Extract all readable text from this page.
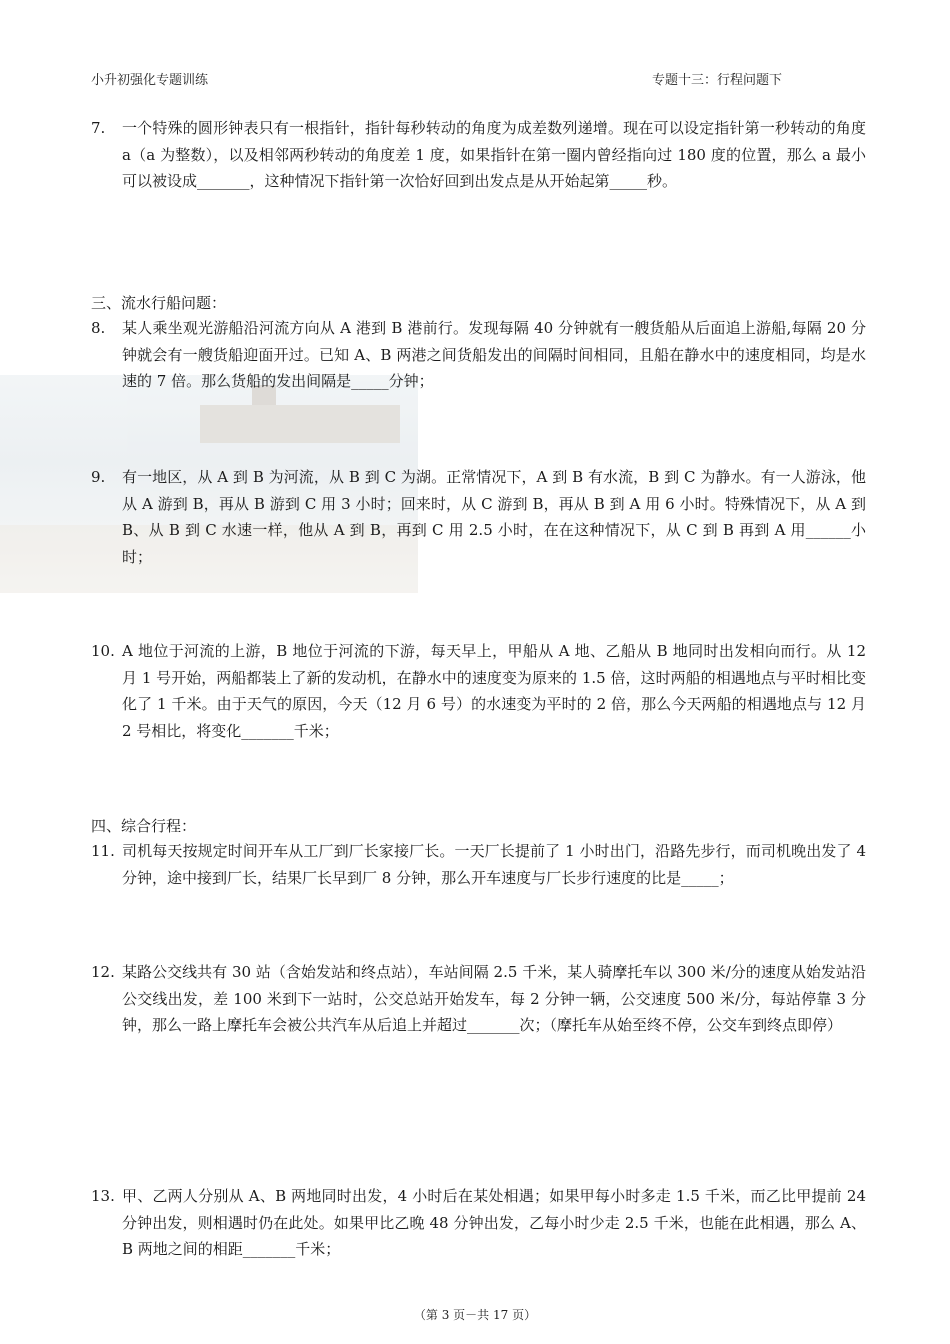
小升初强化专题训练	专题十三：行程问题下
7. 一个特殊的圆形钟表只有一根指针，指针每秒转动的角度为成差数列递增。现在可以设定指针第一秒转动的角度 a（a 为整数），以及相邻两秒转动的角度差 1 度，如果指针在第一圈内曾经指向过 180 度的位置，那么 a 最小可以被设成_______，这种情况下指针第一次恰好回到出发点是从开始起第_____秒。
三、流水行船问题：
8. 某人乘坐观光游船沿河流方向从 A 港到 B 港前行。发现每隔 40 分钟就有一艘货船从后面追上游船,每隔 20 分钟就会有一艘货船迎面开过。已知 A、B 两港之间货船发出的间隔时间相同，且船在静水中的速度相同，均是水速的 7 倍。那么货船的发出间隔是_____分钟；
9. 有一地区，从 A 到 B 为河流，从 B 到 C 为湖。正常情况下，A 到 B 有水流，B 到 C 为静水。有一人游泳，他从 A 游到 B，再从 B 游到 C 用 3 小时；回来时，从 C 游到 B，再从 B 到 A 用 6 小时。特殊情况下，从 A 到 B、从 B 到 C 水速一样，他从 A 到 B，再到 C 用 2.5 小时，在在这种情况下，从 C 到 B 再到 A 用______小时；
10. A 地位于河流的上游，B 地位于河流的下游，每天早上，甲船从 A 地、乙船从 B 地同时出发相向而行。从 12 月 1 号开始，两船都装上了新的发动机，在静水中的速度变为原来的 1.5 倍，这时两船的相遇地点与平时相比变化了 1 千米。由于天气的原因，今天（12 月 6 号）的水速变为平时的 2 倍，那么今天两船的相遇地点与 12 月 2 号相比，将变化_______千米；
四、综合行程：
11. 司机每天按规定时间开车从工厂到厂长家接厂长。一天厂长提前了 1 小时出门，沿路先步行，而司机晚出发了 4 分钟，途中接到厂长，结果厂长早到厂 8 分钟，那么开车速度与厂长步行速度的比是_____；
12. 某路公交线共有 30 站（含始发站和终点站），车站间隔 2.5 千米，某人骑摩托车以 300 米/分的速度从始发站沿公交线出发，差 100 米到下一站时，公交总站开始发车，每 2 分钟一辆，公交速度 500 米/分，每站停靠 3 分钟，那么一路上摩托车会被公共汽车从后追上并超过_______次；（摩托车从始至终不停，公交车到终点即停）
13. 甲、乙两人分别从 A、B 两地同时出发，4 小时后在某处相遇；如果甲每小时多走 1.5 千米，而乙比甲提前 24 分钟出发，则相遇时仍在此处。如果甲比乙晚 48 分钟出发，乙每小时少走 2.5 千米，也能在此相遇，那么 A、B 两地之间的相距_______千米；
（第 3 页－共 17 页）
